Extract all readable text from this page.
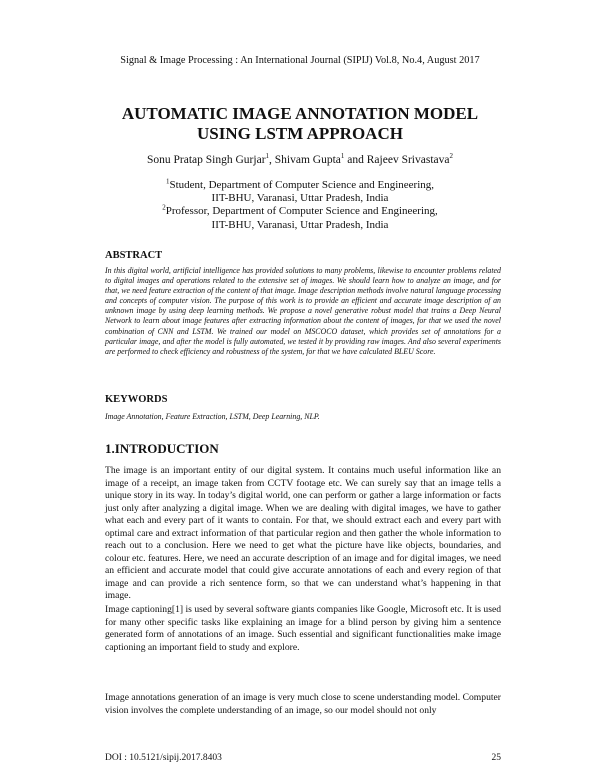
Signal & Image Processing : An International Journal (SIPIJ) Vol.8, No.4, August 2017
AUTOMATIC IMAGE ANNOTATION MODEL
USING LSTM APPROACH
Sonu Pratap Singh Gurjar$^1$, Shivam Gupta$^1$ and Rajeev Srivastava$^2$
$^1$Student, Department of Computer Science and Engineering,
IIT-BHU, Varanasi, Uttar Pradesh, India
$^2$Professor, Department of Computer Science and Engineering,
IIT-BHU, Varanasi, Uttar Pradesh, India
ABSTRACT
In this digital world, artificial intelligence has provided solutions to many problems, likewise to encounter problems related to digital images and operations related to the extensive set of images. We should learn how to analyze an image, and for that, we need feature extraction of the content of that image. Image description methods involve natural language processing and concepts of computer vision. The purpose of this work is to provide an efficient and accurate image description of an unknown image by using deep learning methods. We propose a novel generative robust model that trains a Deep Neural Network to learn about image features after extracting information about the content of images, for that we used the novel combination of CNN and LSTM. We trained our model on MSCOCO dataset, which provides set of annotations for a particular image, and after the model is fully automated, we tested it by providing raw images. And also several experiments are performed to check efficiency and robustness of the system, for that we have calculated BLEU Score.
KEYWORDS
Image Annotation, Feature Extraction, LSTM, Deep Learning, NLP.
1.INTRODUCTION
The image is an important entity of our digital system. It contains much useful information like an image of a receipt, an image taken from CCTV footage etc. We can surely say that an image tells a unique story in its way. In today’s digital world, one can perform or gather a large information or facts just only after analyzing a digital image. When we are dealing with digital images, we have to gather what each and every part of it wants to contain. For that, we should extract each and every part with optimal care and extract information of that particular region and then gather the whole information to reach out to a conclusion. Here we need to get what the picture have like objects, boundaries, and colour etc. features. Here, we need an accurate description of an image and for digital images, we need an efficient and accurate model that could give accurate annotations of each and every region of that image and can provide a rich sentence form, so that we can understand what’s happening in that image.
Image captioning[1] is used by several software giants companies like Google, Microsoft etc. It is used for many other specific tasks like explaining an image for a blind person by giving him a sentence generated form of annotations of an image. Such essential and significant functionalities make image captioning an important field to study and explore.
Image annotations generation of an image is very much close to scene understanding model. Computer vision involves the complete understanding of an image, so our model should not only
DOI : 10.5121/sipij.2017.8403	25
